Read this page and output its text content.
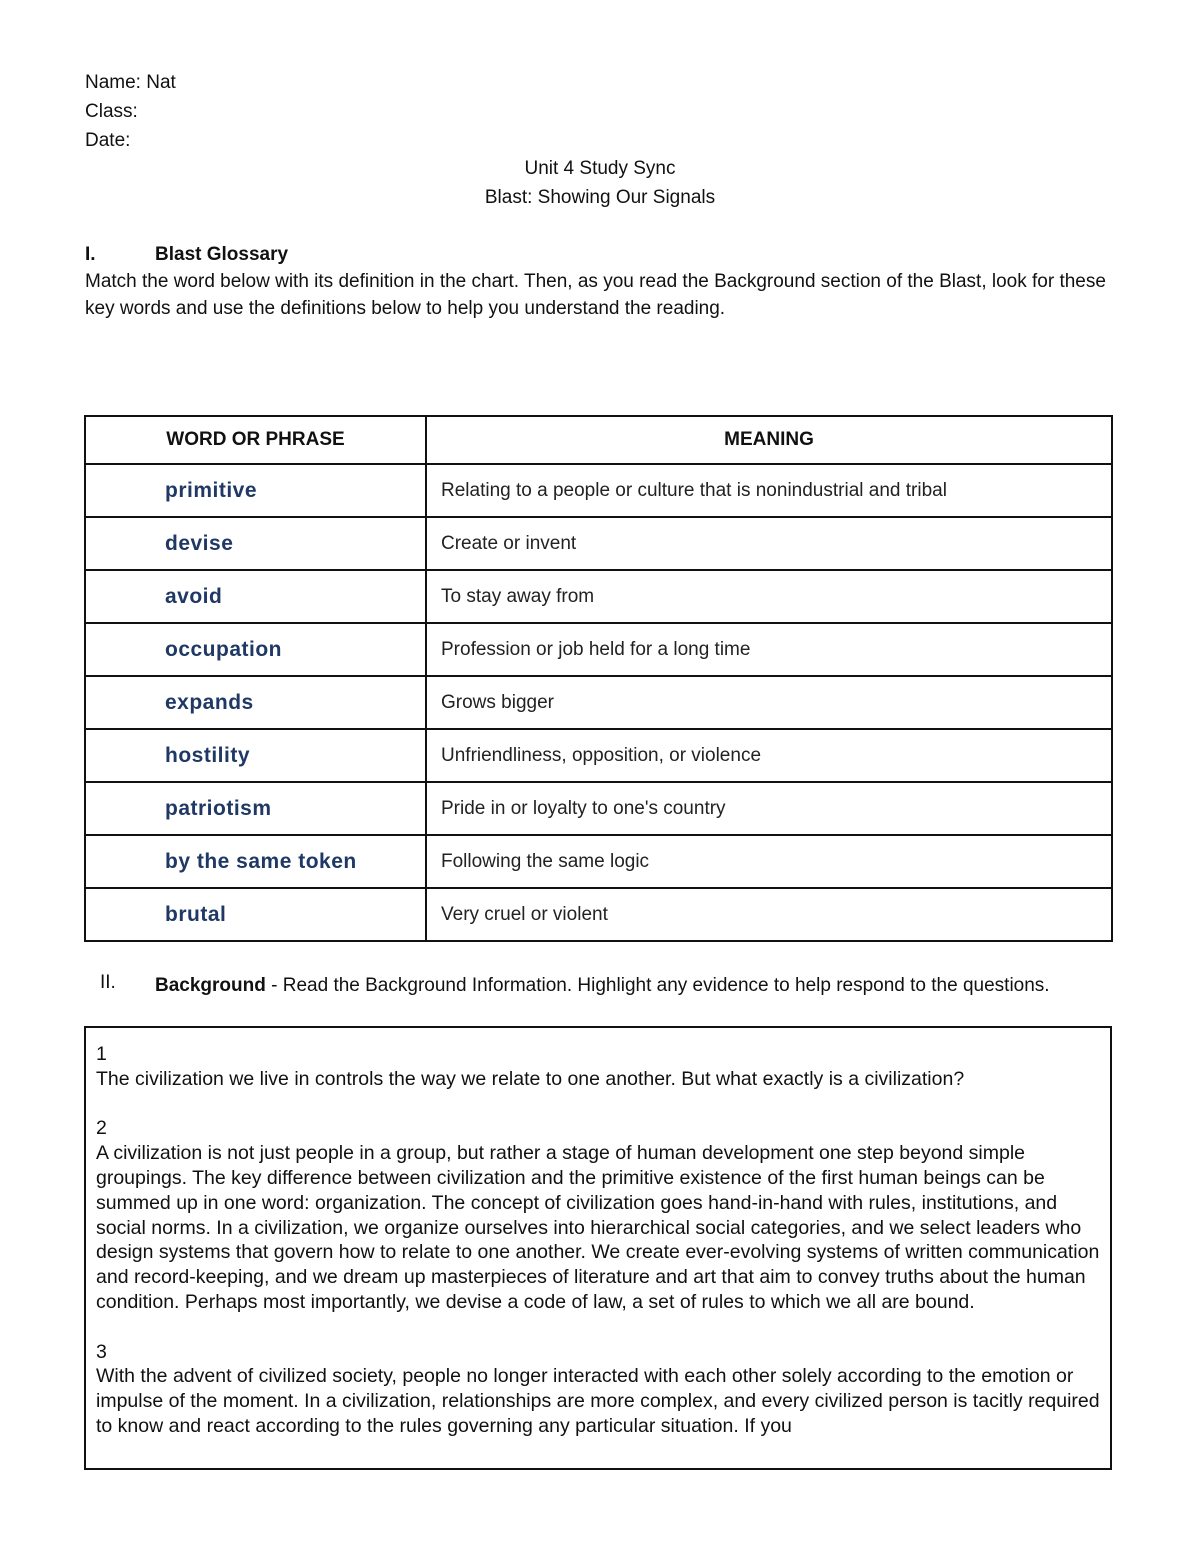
Name: Nat
Class:
Date:
Unit 4 Study Sync
Blast: Showing Our Signals
I.	Blast Glossary
Match the word below with its definition in the chart. Then, as you read the Background section of the Blast, look for these key words and use the definitions below to help you understand the reading.
WORD OR PHRASE	MEANING
primitive	Relating to a people or culture that is nonindustrial and tribal
devise	Create or invent
avoid	To stay away from
occupation	Profession or job held for a long time
expands	Grows bigger
hostility	Unfriendliness, opposition, or violence
patriotism	Pride in or loyalty to one's country
by the same token	Following the same logic
brutal	Very cruel or violent
II. Background - Read the Background Information. Highlight any evidence to help respond to the questions.

1
The civilization we live in controls the way we relate to one another. But what exactly is a civilization?

2
A civilization is not just people in a group, but rather a stage of human development one step beyond simple groupings. The key difference between civilization and the primitive existence of the first human beings can be summed up in one word: organization. The concept of civilization goes hand-in-hand with rules, institutions, and social norms. In a civilization, we organize ourselves into hierarchical social categories, and we select leaders who design systems that govern how to relate to one another. We create ever-evolving systems of written communication and record-keeping, and we dream up masterpieces of literature and art that aim to convey truths about the human condition. Perhaps most importantly, we devise a code of law, a set of rules to which we all are bound.

3
With the advent of civilized society, people no longer interacted with each other solely according to the emotion or impulse of the moment. In a civilization, relationships are more complex, and every civilized person is tacitly required to know and react according to the rules governing any particular situation. If you
